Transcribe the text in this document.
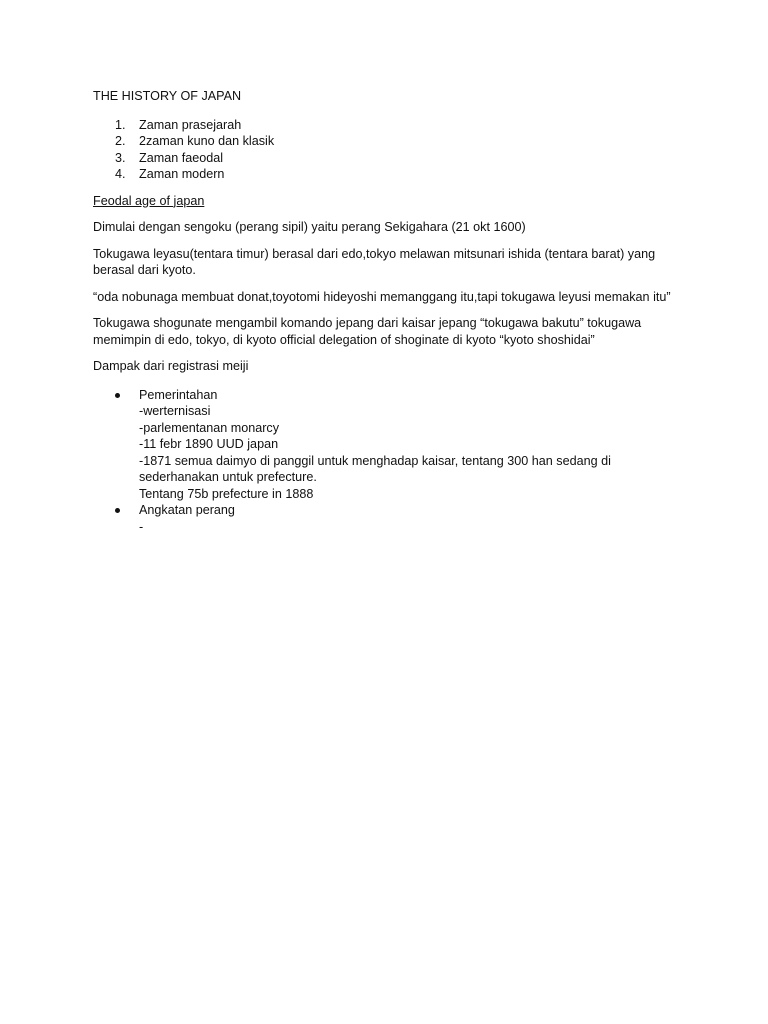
THE HISTORY OF JAPAN
1. Zaman prasejarah
2. 2zaman kuno dan klasik
3. Zaman faeodal
4. Zaman modern

Feodal age of japan

Dimulai dengan sengoku (perang sipil) yaitu perang Sekigahara (21 okt 1600)

Tokugawa leyasu(tentara timur) berasal dari edo,tokyo melawan mitsunari ishida (tentara barat) yang berasal dari kyoto.

“oda nobunaga membuat donat,toyotomi hideyoshi memanggang itu,tapi tokugawa leyusi memakan itu”

Tokugawa shogunate mengambil komando jepang dari kaisar jepang “tokugawa bakutu” tokugawa memimpin di edo, tokyo, di kyoto official delegation of shoginate di kyoto “kyoto shoshidai”

Dampak dari registrasi meiji

Pemerintahan
-werternisasi
-parlementanan monarcy
-11 febr 1890 UUD japan
-1871 semua daimyo di panggil untuk menghadap kaisar, tentang 300 han sedang di sederhanakan untuk prefecture.
Tentang 75b prefecture in 1888
Angkatan perang
-
